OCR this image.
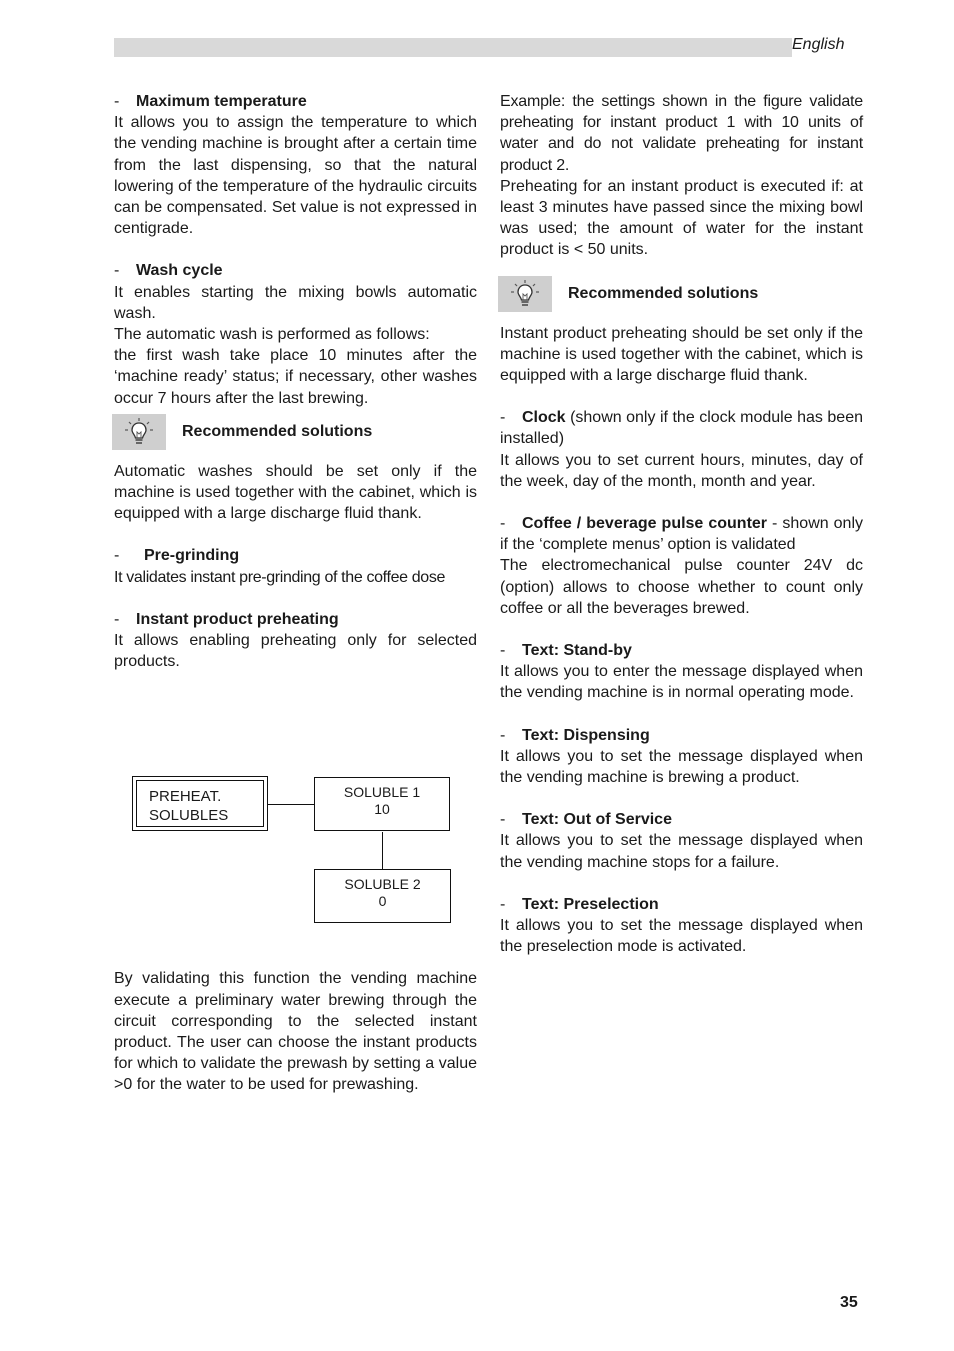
English

- Maximum temperature

It allows you to assign the temperature to which the vending machine is brought after a certain time from the last dispensing, so that the natural lowering of the temperature of the hydraulic circuits can be compensated. Set value is not expressed in centigrade.

- Wash cycle

It enables starting the mixing bowls automatic wash.

The automatic wash is performed as follows:

the first wash take place 10 minutes after the ‘machine ready’ status; if necessary, other washes occur 7 hours after the last brewing.

Recommended solutions

Automatic washes should be set only if the machine is used together with the cabinet, which is equipped with a large discharge fluid thank.

- Pre-grinding

It validates instant pre-grinding of the coffee dose

- Instant product preheating

It allows enabling preheating only for selected products.

By validating this function the vending machine execute a preliminary water brewing through the circuit corresponding to the selected instant product. The user can choose the instant products for which to validate the prewash by setting a value >0 for the water to be used for prewashing.

PREHEAT.
SOLUBLES
SOLUBLE 1
10
SOLUBLE 2
0

Example: the settings shown in the figure validate preheating for instant product 1 with 10 units of water and do not validate preheating for instant product 2.

Preheating for an instant product is executed if: at least 3 minutes have passed since the mixing bowl was used; the amount of water for the instant product is < 50 units.

Recommended solutions

Instant product preheating should be set only if the machine is used together with the cabinet, which is equipped with a large discharge fluid thank.

- Clock (shown only if the clock module has been installed)

It allows you to set current hours, minutes, day of the week, day of the month, month and year.

- Coffee / beverage pulse counter - shown only if the ‘complete menus’ option is validated

The electromechanical pulse counter 24V dc (option) allows to choose whether to count only coffee or all the beverages brewed.

- Text: Stand-by

It allows you to enter the message displayed when the vending machine is in normal operating mode.

- Text: Dispensing

It allows you to set the message displayed when the vending machine is brewing a product.

- Text: Out of Service

It allows you to set the message displayed when the vending machine stops for a failure.

- Text: Preselection

It allows you to set the message displayed when the preselection mode is activated.

35
